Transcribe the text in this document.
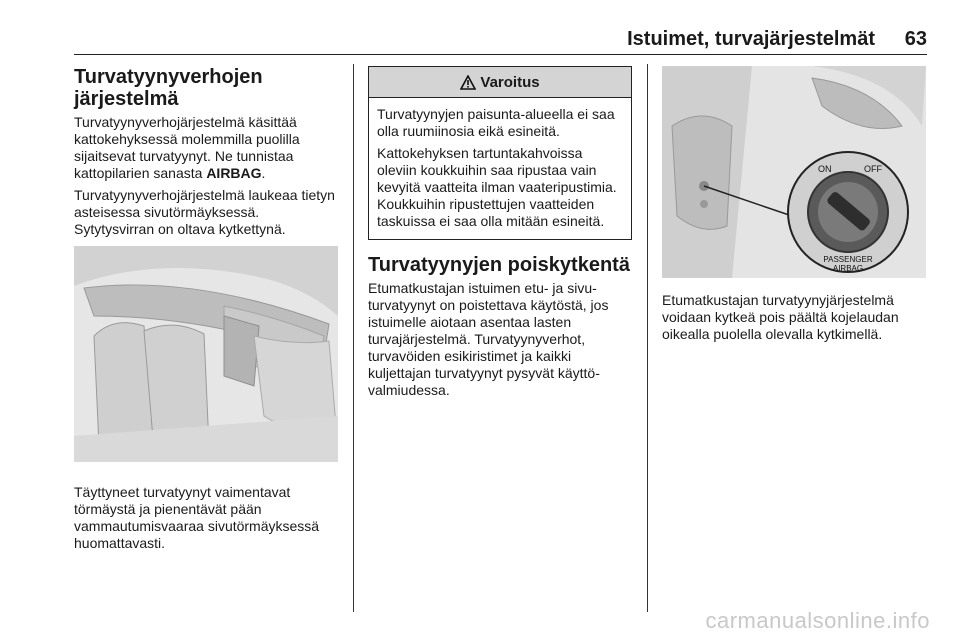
Istuimet, turvajärjestelmät 63
Turvatyynyverhojen järjestelmä

Turvatyynyverhojärjestelmä käsittää kattokehyksessä molemmilla puolilla sijaitsevat turvatyynyt. Ne tunnistaa kattopilarien sanasta AIRBAG.

Turvatyynyverhojärjestelmä laukeaa tietyn asteisessa sivutörmäyksessä. Sytytysvirran on oltava kytkettynä.

Täyttyneet turvatyynyt vaimentavat törmäystä ja pienentävät pään vammautumisvaaraa sivutörmäyksessä huomattavasti.

Varoitus

Turvatyynyjen paisunta-alueella ei saa olla ruumiinosia eikä esineitä.

Kattokehyksen tartuntakahvoissa oleviin koukkuihin saa ripustaa vain kevyitä vaatteita ilman vaateripustimia. Koukkuihin ripustettujen vaatteiden taskuissa ei saa olla mitään esineitä.

Turvatyynyjen poiskytkentä

Etumatkustajan istuimen etu- ja sivuturvatyynyt on poistettava käytöstä, jos istuimelle aiotaan asentaa lasten turvajärjestelmä. Turvatyynyverhot, turvavöiden esikiristimet ja kaikki kuljettajan turvatyynyt pysyvät käyttövalmiudessa.

ON	OFF
PASSENGER
AIRBAG

Etumatkustajan turvatyynyjärjestelmä voidaan kytkeä pois päältä kojelaudan oikealla puolella olevalla kytkimellä.

carmanualsonline.info
